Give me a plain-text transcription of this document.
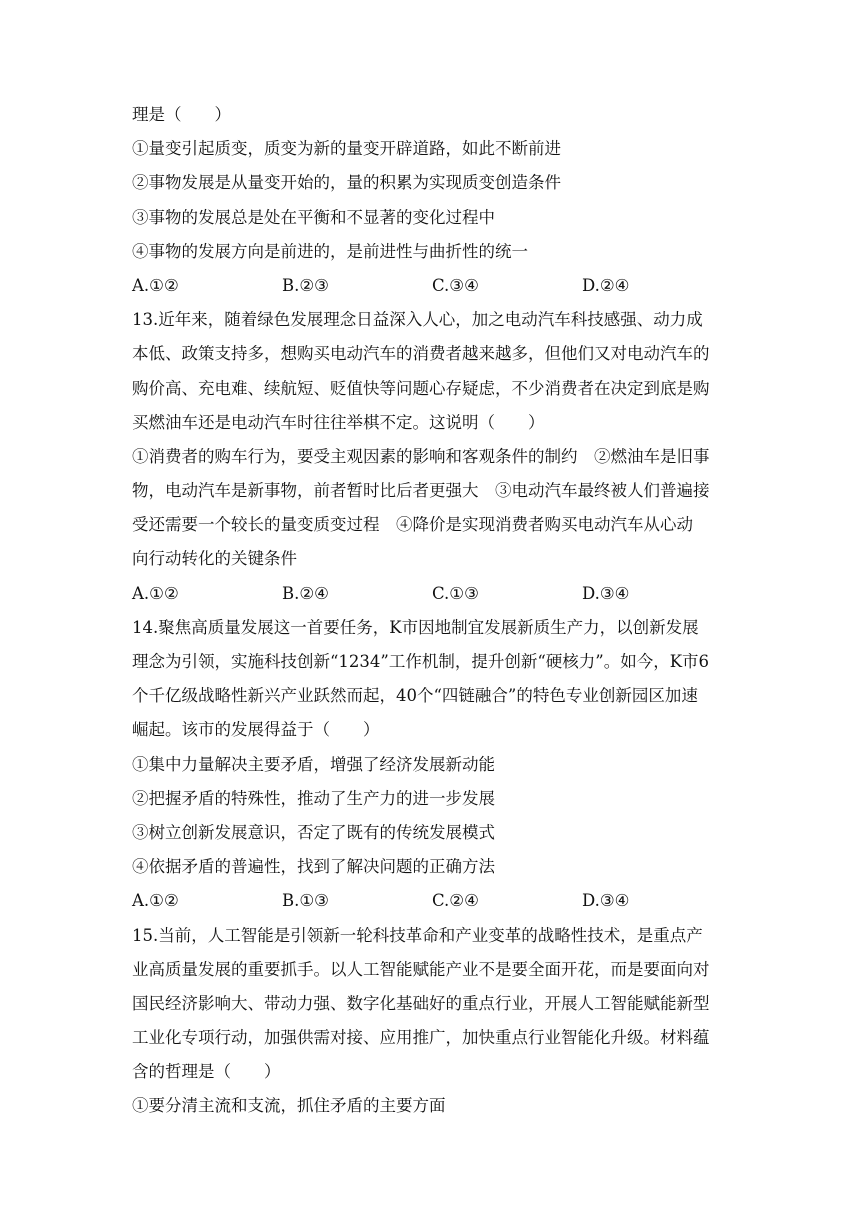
理是（　　）
①量变引起质变，质变为新的量变开辟道路，如此不断前进
②事物发展是从量变开始的，量的积累为实现质变创造条件
③事物的发展总是处在平衡和不显著的变化过程中
④事物的发展方向是前进的，是前进性与曲折性的统一
A.①②	B.②③	C.③④	D.②④
13.近年来，随着绿色发展理念日益深入人心，加之电动汽车科技感强、动力成
本低、政策支持多，想购买电动汽车的消费者越来越多，但他们又对电动汽车的
购价高、充电难、续航短、贬值快等问题心存疑虑，不少消费者在决定到底是购
买燃油车还是电动汽车时往往举棋不定。这说明（　　）
①消费者的购车行为，要受主观因素的影响和客观条件的制约　②燃油车是旧事
物，电动汽车是新事物，前者暂时比后者更强大　③电动汽车最终被人们普遍接
受还需要一个较长的量变质变过程　④降价是实现消费者购买电动汽车从心动
向行动转化的关键条件
A.①②	B.②④	C.①③	D.③④
14.聚焦高质量发展这一首要任务，K市因地制宜发展新质生产力，以创新发展
理念为引领，实施科技创新“1234”工作机制，提升创新“硬核力”。如今，K市6
个千亿级战略性新兴产业跃然而起，40个“四链融合”的特色专业创新园区加速
崛起。该市的发展得益于（　　）
①集中力量解决主要矛盾，增强了经济发展新动能
②把握矛盾的特殊性，推动了生产力的进一步发展
③树立创新发展意识，否定了既有的传统发展模式
④依据矛盾的普遍性，找到了解决问题的正确方法
A.①②	B.①③	C.②④	D.③④
15.当前，人工智能是引领新一轮科技革命和产业变革的战略性技术，是重点产
业高质量发展的重要抓手。以人工智能赋能产业不是要全面开花，而是要面向对
国民经济影响大、带动力强、数字化基础好的重点行业，开展人工智能赋能新型
工业化专项行动，加强供需对接、应用推广，加快重点行业智能化升级。材料蕴
含的哲理是（　　）
①要分清主流和支流，抓住矛盾的主要方面
